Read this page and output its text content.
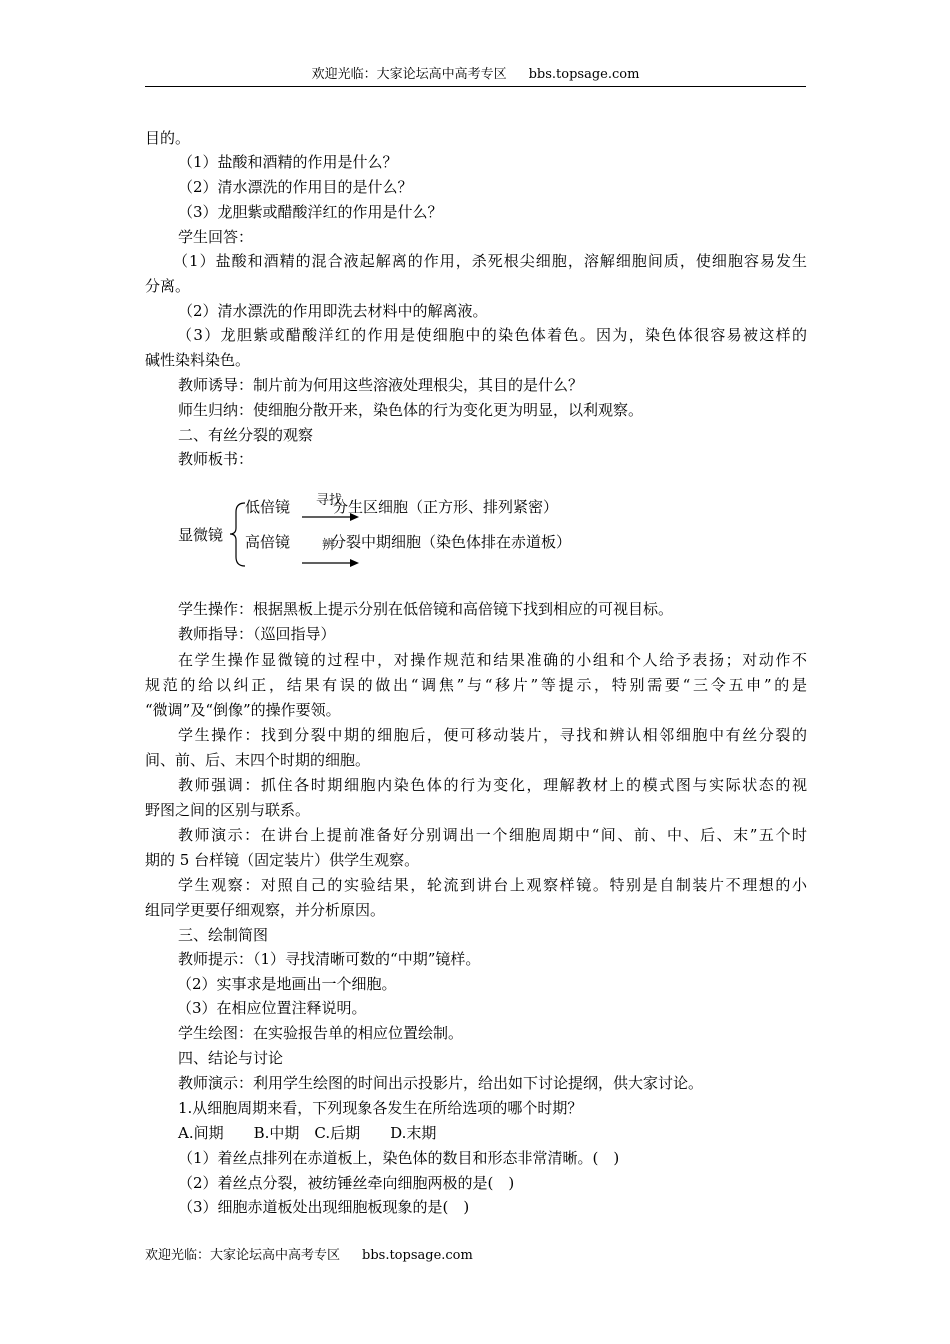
欢迎光临：大家论坛高中高考专区 bbs.topsage.com
目的。
（1）盐酸和酒精的作用是什么？
（2）清水漂洗的作用目的是什么？
（3）龙胆紫或醋酸洋红的作用是什么？
学生回答：
（1）盐酸和酒精的混合液起解离的作用，杀死根尖细胞，溶解细胞间质，使细胞容易发生
分离。
（2）清水漂洗的作用即洗去材料中的解离液。
（3）龙胆紫或醋酸洋红的作用是使细胞中的染色体着色。因为，染色体很容易被这样的
碱性染料染色。
教师诱导：制片前为何用这些溶液处理根尖，其目的是什么？
师生归纳：使细胞分散开来，染色体的行为变化更为明显，以利观察。
二、有丝分裂的观察
教师板书：
显微镜
低倍镜
高倍镜
寻找
辨
分生区细胞（正方形、排列紧密）
分裂中期细胞（染色体排在赤道板）
学生操作：根据黑板上提示分别在低倍镜和高倍镜下找到相应的可视目标。
教师指导：（巡回指导）
在学生操作显微镜的过程中，对操作规范和结果准确的小组和个人给予表扬；对动作不
规范的给以纠正，结果有误的做出“调焦”与“移片”等提示，特别需要“三令五申”的是
“微调”及“倒像”的操作要领。
学生操作：找到分裂中期的细胞后，便可移动装片，寻找和辨认相邻细胞中有丝分裂的
间、前、后、末四个时期的细胞。
教师强调：抓住各时期细胞内染色体的行为变化，理解教材上的模式图与实际状态的视
野图之间的区别与联系。
教师演示：在讲台上提前准备好分别调出一个细胞周期中“间、前、中、后、末”五个时
期的 5 台样镜（固定装片）供学生观察。
学生观察：对照自己的实验结果，轮流到讲台上观察样镜。特别是自制装片不理想的小
组同学更要仔细观察，并分析原因。
三、绘制简图
教师提示：（1）寻找清晰可数的“中期”镜样。
（2）实事求是地画出一个细胞。
（3）在相应位置注释说明。
学生绘图：在实验报告单的相应位置绘制。
四、结论与讨论
教师演示：利用学生绘图的时间出示投影片，给出如下讨论提纲，供大家讨论。
1.从细胞周期来看，下列现象各发生在所给选项的哪个时期？
A.间期　　B.中期　C.后期　　D.末期
（1）着丝点排列在赤道板上，染色体的数目和形态非常清晰。(　)
（2）着丝点分裂，被纺锤丝牵向细胞两极的是(　)
（3）细胞赤道板处出现细胞板现象的是(　)
欢迎光临：大家论坛高中高考专区 bbs.topsage.com
